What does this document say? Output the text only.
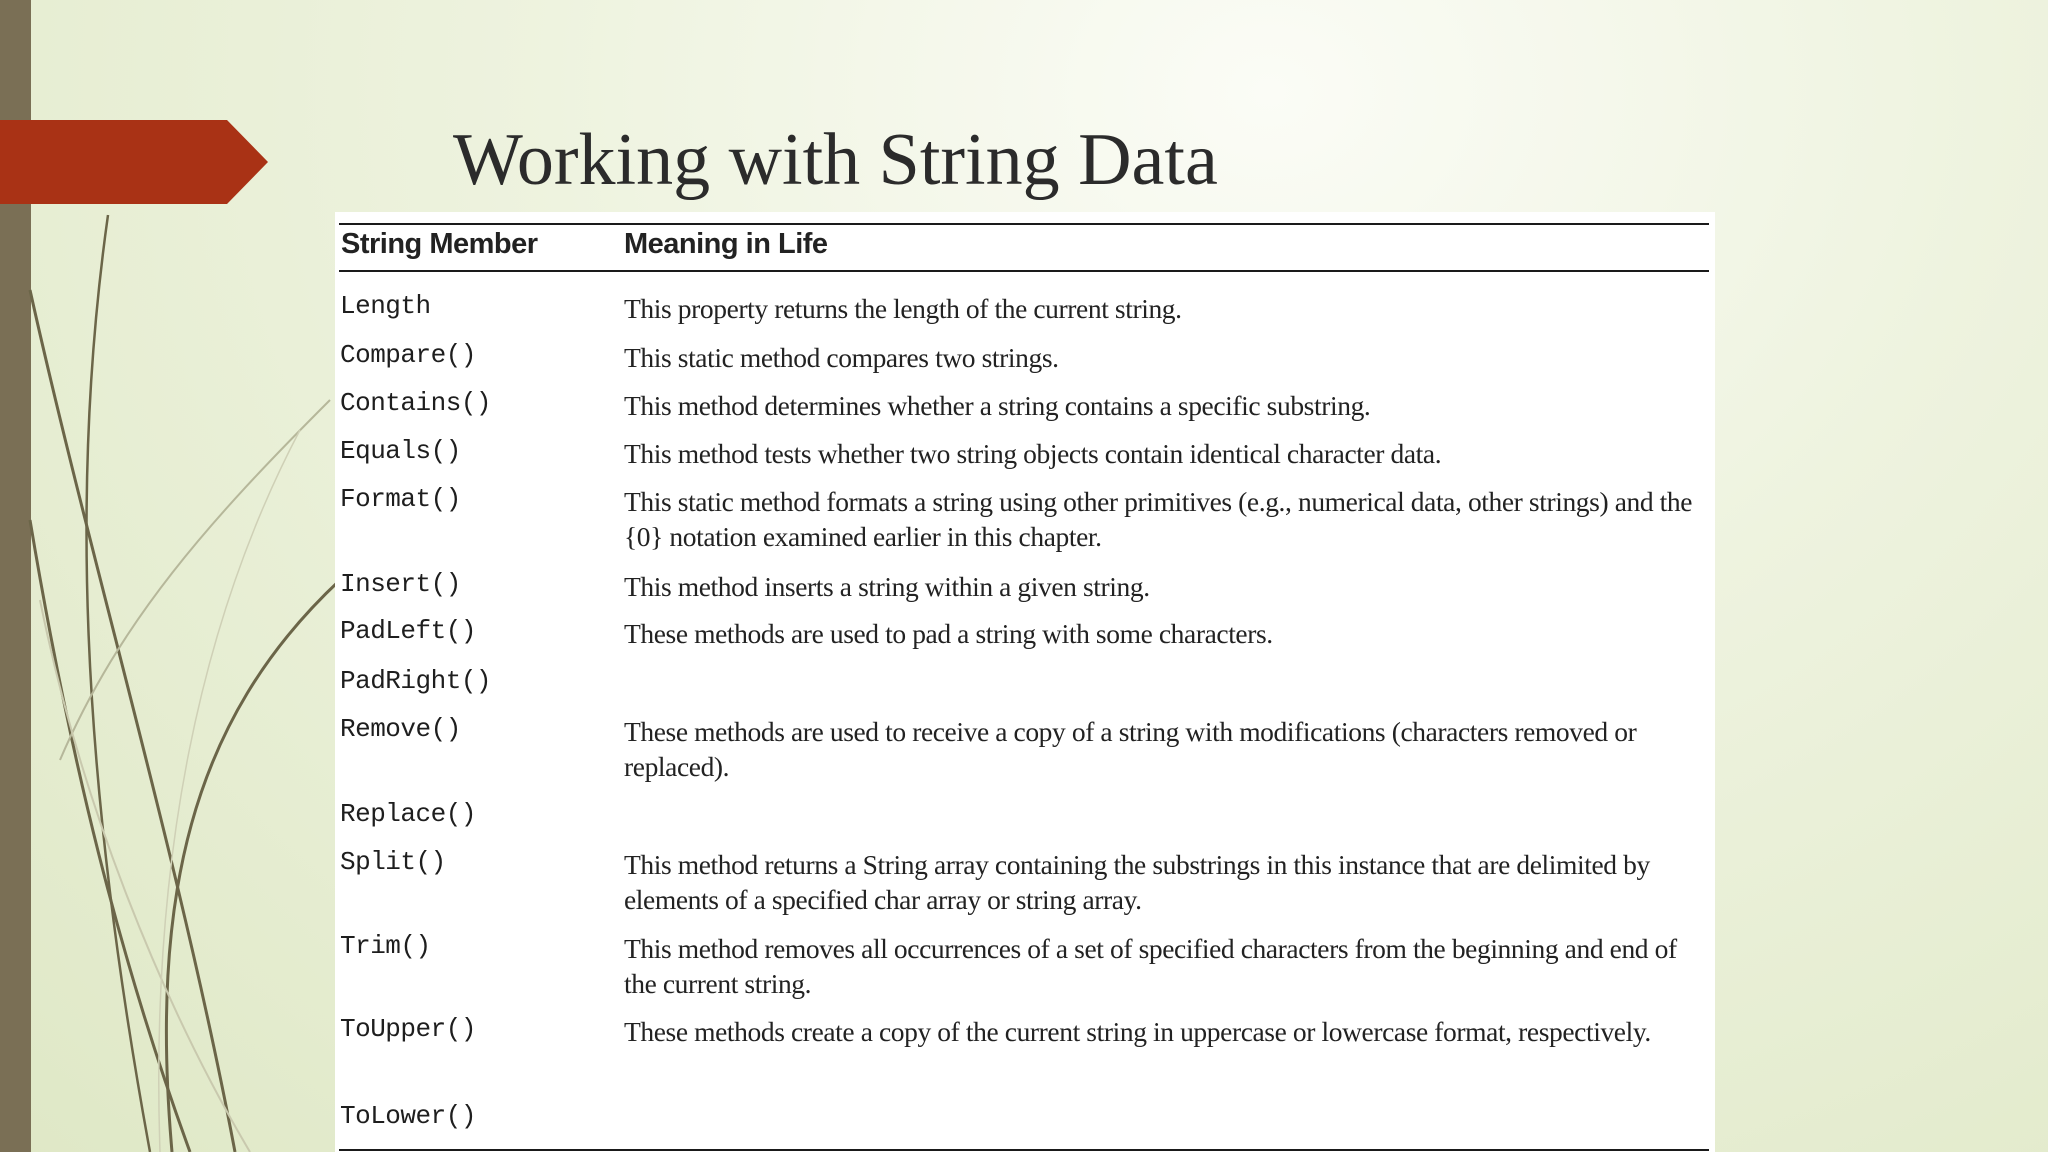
Working with String Data
String Member	Meaning in Life
Length	This property returns the length of the current string.
Compare()	This static method compares two strings.
Contains()	This method determines whether a string contains a specific substring.
Equals()	This method tests whether two string objects contain identical character data.
Format()	This static method formats a string using other primitives (e.g., numerical data, other strings) and the {0} notation examined earlier in this chapter.
Insert()	This method inserts a string within a given string.
PadLeft()	These methods are used to pad a string with some characters.
PadRight()
Remove()	These methods are used to receive a copy of a string with modifications (characters removed or replaced).
Replace()
Split()	This method returns a String array containing the substrings in this instance that are delimited by elements of a specified char array or string array.
Trim()	This method removes all occurrences of a set of specified characters from the beginning and end of the current string.
ToUpper()	These methods create a copy of the current string in uppercase or lowercase format, respectively.
ToLower()
